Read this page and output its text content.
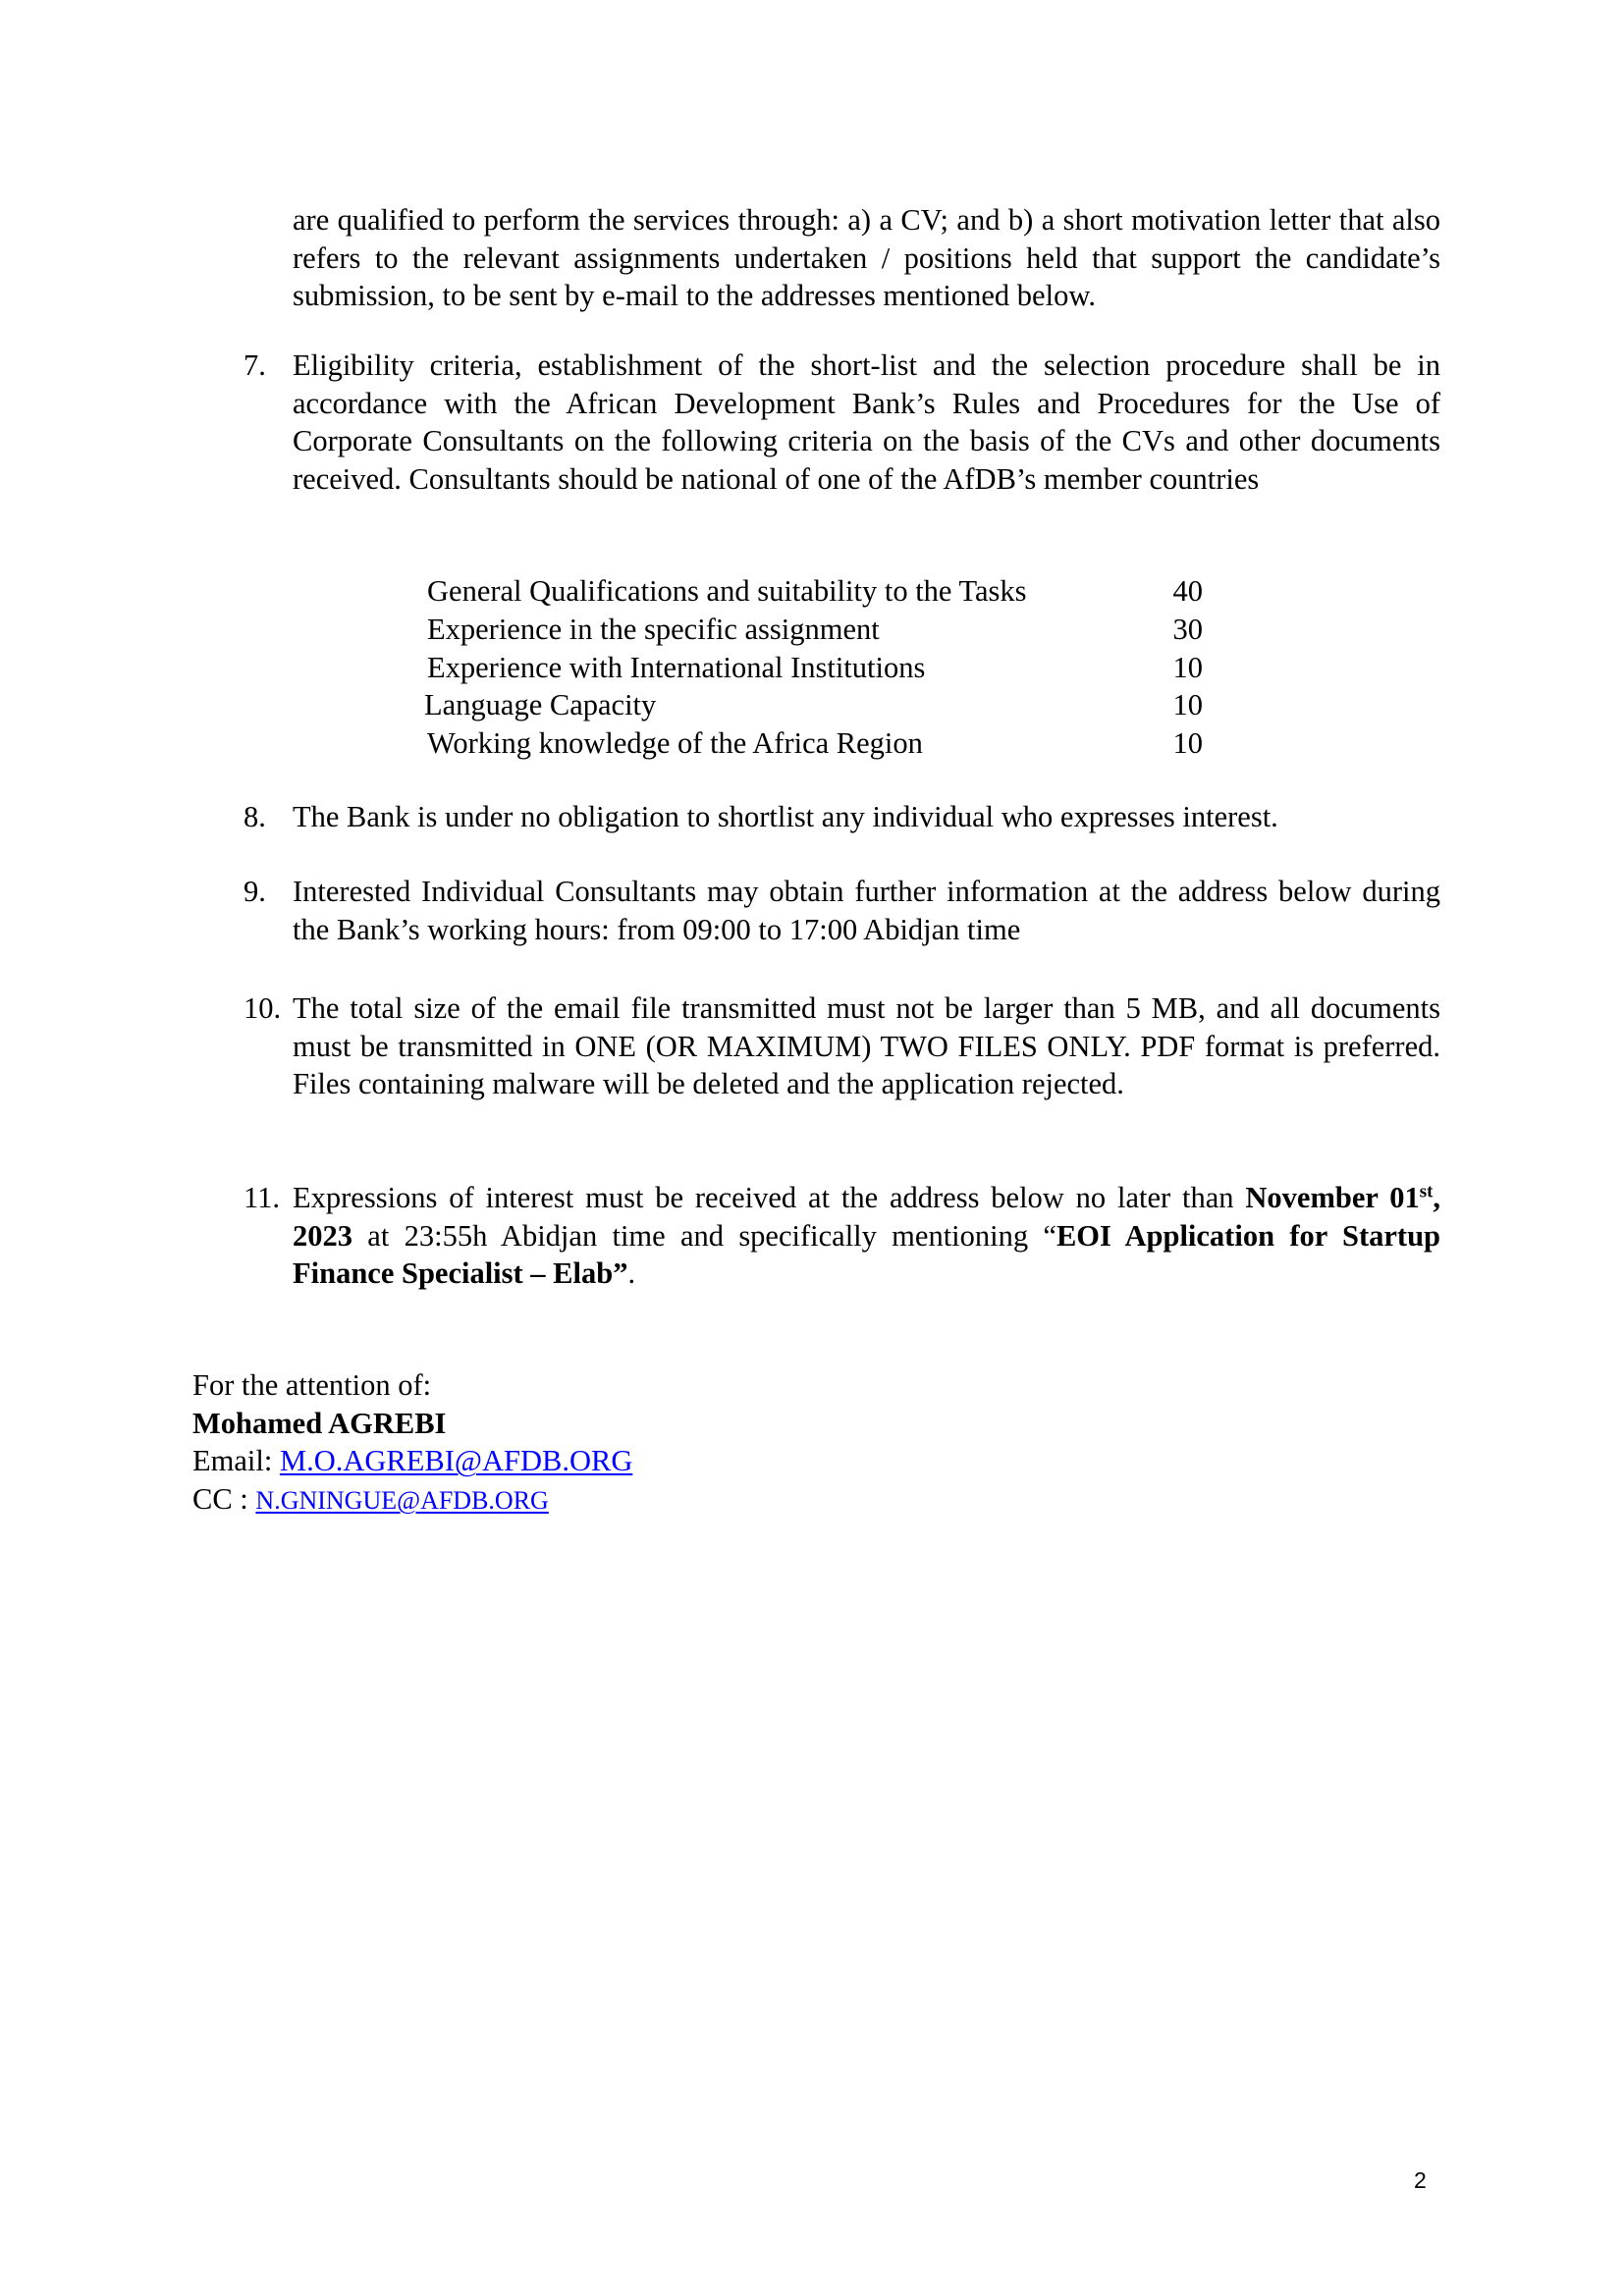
are qualified to perform the services through: a) a CV; and b) a short motivation letter that also refers to the relevant assignments undertaken / positions held that support the candidate’s submission, to be sent by e-mail to the addresses mentioned below.

7. Eligibility criteria, establishment of the short-list and the selection procedure shall be in accordance with the African Development Bank’s Rules and Procedures for the Use of Corporate Consultants on the following criteria on the basis of the CVs and other documents received. Consultants should be national of one of the AfDB’s member countries
General Qualifications and suitability to the Tasks	40
Experience in the specific assignment	30
Experience with International Institutions	10
Language Capacity	10
Working knowledge of the Africa Region	10
8. The Bank is under no obligation to shortlist any individual who expresses interest.
9. Interested Individual Consultants may obtain further information at the address below during the Bank’s working hours: from 09:00 to 17:00 Abidjan time
10. The total size of the email file transmitted must not be larger than 5 MB, and all documents must be transmitted in ONE (OR MAXIMUM) TWO FILES ONLY. PDF format is preferred. Files containing malware will be deleted and the application rejected.
11. Expressions of interest must be received at the address below no later than November 01st, 2023 at 23:55h Abidjan time and specifically mentioning “EOI Application for Startup Finance Specialist – Elab”.
For the attention of:
Mohamed AGREBI
Email: M.O.AGREBI@AFDB.ORG
CC : N.GNINGUE@AFDB.ORG
2
